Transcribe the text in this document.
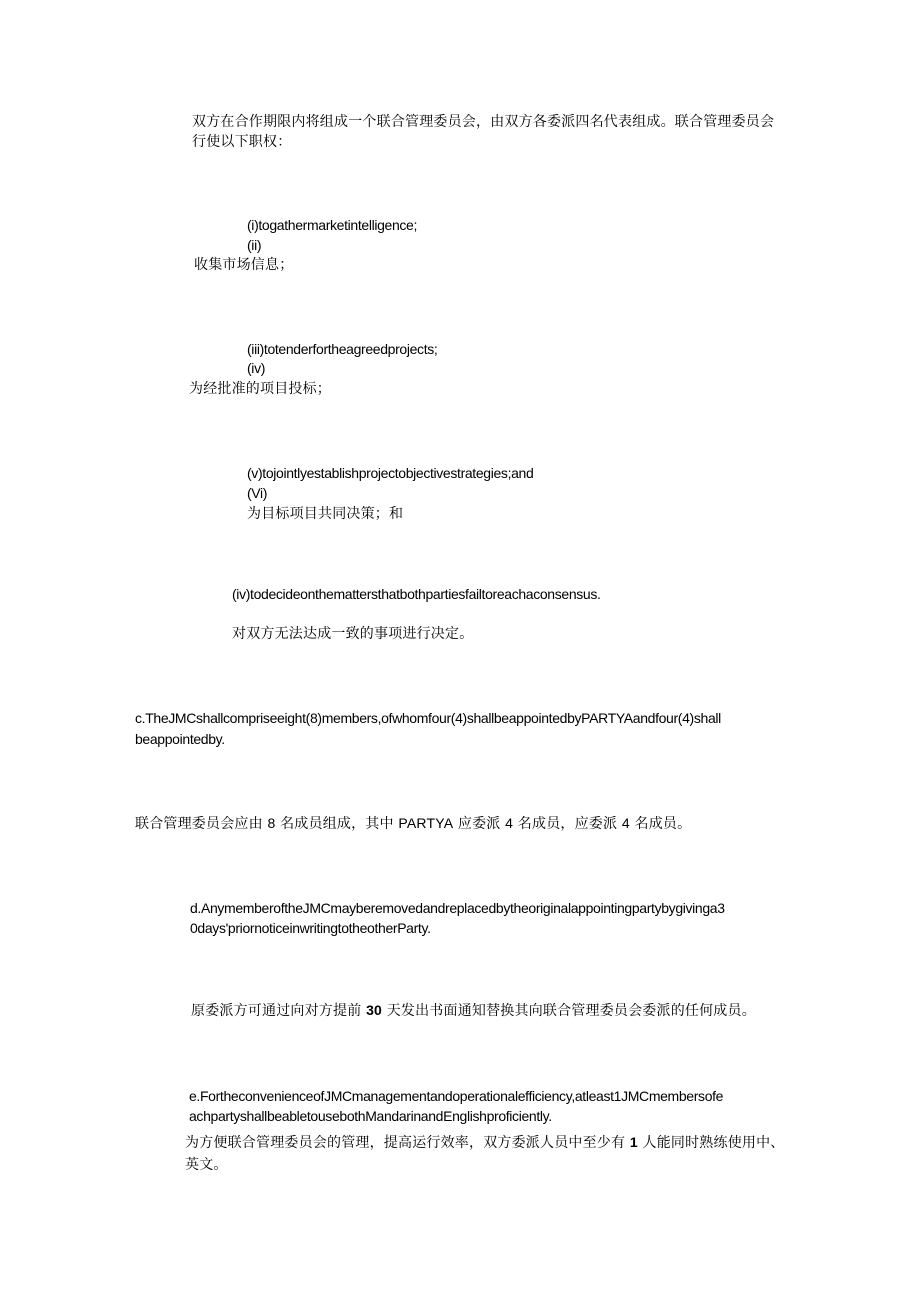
双方在合作期限内将组成一个联合管理委员会，由双方各委派四名代表组成。联合管理委员会

行使以下职权：

(i)togathermarketintelligence;

(ii)

收集市场信息；

(iii)totenderfortheagreedprojects;

(iv)

为经批准的项目投标；

(v)tojointlyestablishprojectobjectivestrategies;and

(Vi)

为目标项目共同决策；和

(iv)todecideonthemattersthatbothpartiesfailtoreachaconsensus.

对双方无法达成一致的事项进行决定。

c.TheJMCshallcompriseeight(8)members,ofwhomfour(4)shallbeappointedbyPARTYAandfour(4)shall

beappointedby.

联合管理委员会应由 8 名成员组成，其中 PARTYA 应委派 4 名成员，应委派 4 名成员。

d.AnymemberoftheJMCmayberemovedandreplacedbytheoriginalappointingpartybygivinga3

0days'priornoticeinwritingtotheotherParty.

原委派方可通过向对方提前 30 天发出书面通知替换其向联合管理委员会委派的任何成员。

e.FortheconvenienceofJMCmanagementandoperationalefficiency,atleast1JMCmembersofe

achpartyshallbeabletousebothMandarinandEnglishproficiently.

为方便联合管理委员会的管理，提高运行效率，双方委派人员中至少有 1 人能同时熟练使用中、

英文。
